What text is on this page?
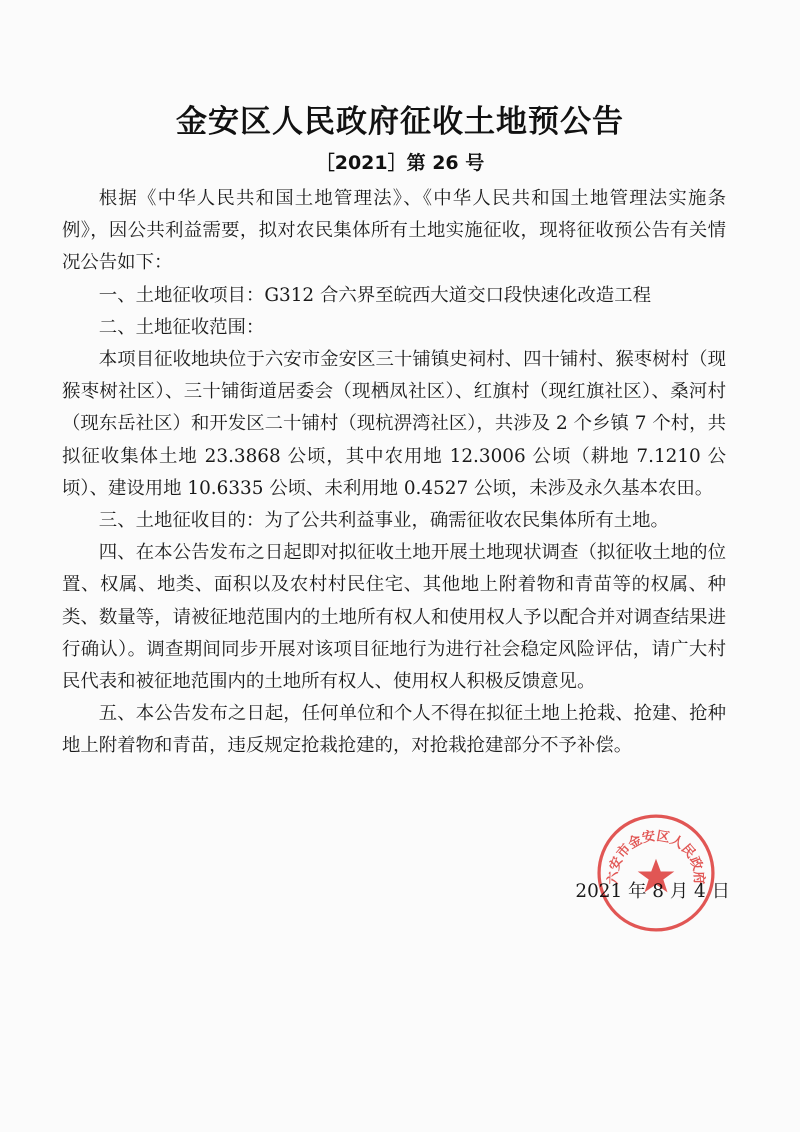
金安区人民政府征收土地预公告
［2021］第 26 号

根据《中华人民共和国土地管理法》、《中华人民共和国土地管理法实施条例》，因公共利益需要，拟对农民集体所有土地实施征收，现将征收预公告有关情况公告如下：

一、土地征收项目：G312 合六界至皖西大道交口段快速化改造工程

二、土地征收范围：

本项目征收地块位于六安市金安区三十铺镇史祠村、四十铺村、猴枣树村（现猴枣树社区）、三十铺街道居委会（现栖凤社区）、红旗村（现红旗社区）、桑河村（现东岳社区）和开发区二十铺村（现杭淠湾社区），共涉及 2 个乡镇 7 个村，共拟征收集体土地 23.3868 公顷，其中农用地 12.3006 公顷（耕地 7.1210 公顷）、建设用地 10.6335 公顷、未利用地 0.4527 公顷，未涉及永久基本农田。

三、土地征收目的：为了公共利益事业，确需征收农民集体所有土地。

四、在本公告发布之日起即对拟征收土地开展土地现状调查（拟征收土地的位置、权属、地类、面积以及农村村民住宅、其他地上附着物和青苗等的权属、种类、数量等，请被征地范围内的土地所有权人和使用权人予以配合并对调查结果进行确认）。调查期间同步开展对该项目征地行为进行社会稳定风险评估，请广大村民代表和被征地范围内的土地所有权人、使用权人积极反馈意见。

五、本公告发布之日起，任何单位和个人不得在拟征土地上抢栽、抢建、抢种地上附着物和青苗，违反规定抢栽抢建的，对抢栽抢建部分不予补偿。

2021 年 8 月 4 日
六安市金安区人民政府
